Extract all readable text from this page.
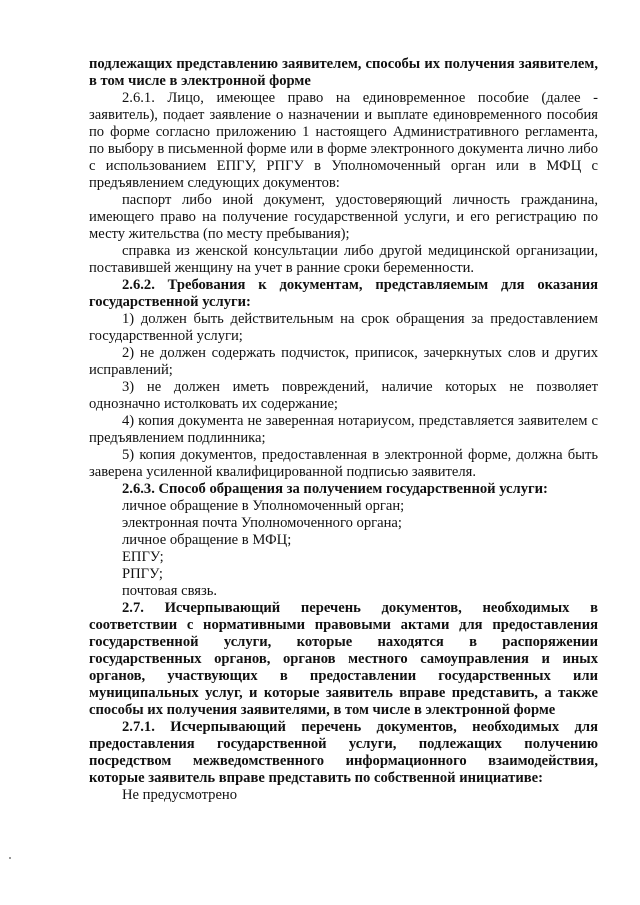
подлежащих представлению заявителем, способы их получения заявителем, в том числе в электронной форме

2.6.1. Лицо, имеющее право на единовременное пособие (далее - заявитель), подает заявление о назначении и выплате единовременного пособия по форме согласно приложению 1 настоящего Административного регламента, по выбору в письменной форме или в форме электронного документа лично либо с использованием ЕПГУ, РПГУ в Уполномоченный орган или в МФЦ с предъявлением следующих документов:

паспорт либо иной документ, удостоверяющий личность гражданина, имеющего право на получение государственной услуги, и его регистрацию по месту жительства (по месту пребывания);

справка из женской консультации либо другой медицинской организации, поставившей женщину на учет в ранние сроки беременности.

2.6.2. Требования к документам, представляемым для оказания государственной услуги:

1) должен быть действительным на срок обращения за предоставлением государственной услуги;

2) не должен содержать подчисток, приписок, зачеркнутых слов и других исправлений;

3) не должен иметь повреждений, наличие которых не позволяет однозначно истолковать их содержание;

4) копия документа не заверенная нотариусом, представляется заявителем с предъявлением подлинника;

5) копия документов, предоставленная в электронной форме, должна быть заверена усиленной квалифицированной подписью заявителя.

2.6.3. Способ обращения за получением государственной услуги:

личное обращение в Уполномоченный орган;

электронная почта Уполномоченного органа;

личное обращение в МФЦ;

ЕПГУ;

РПГУ;

почтовая связь.

2.7. Исчерпывающий перечень документов, необходимых в соответствии с нормативными правовыми актами для предоставления государственной услуги, которые находятся в распоряжении государственных органов, органов местного самоуправления и иных органов, участвующих в предоставлении государственных или муниципальных услуг, и которые заявитель вправе представить, а также способы их получения заявителями, в том числе в электронной форме

2.7.1. Исчерпывающий перечень документов, необходимых для предоставления государственной услуги, подлежащих получению посредством межведомственного информационного взаимодействия, которые заявитель вправе представить по собственной инициативе:

Не предусмотрено
